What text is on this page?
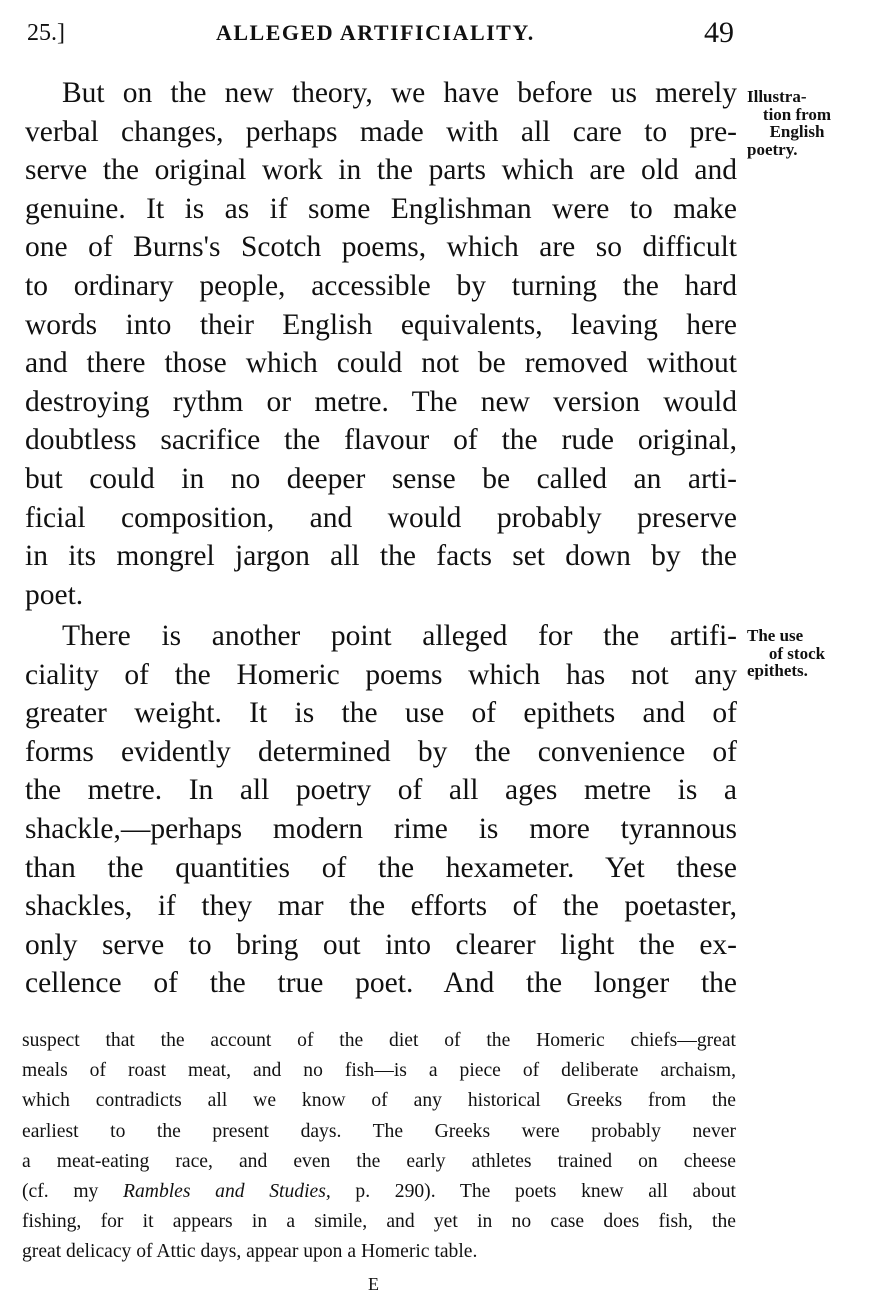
25.]	ALLEGED ARTIFICIALITY.	49
But on the new theory, we have before us merely
verbal changes, perhaps made with all care to pre-
serve the original work in the parts which are old and
genuine. It is as if some Englishman were to make
one of Burns's Scotch poems, which are so difficult
to ordinary people, accessible by turning the hard
words into their English equivalents, leaving here
and there those which could not be removed without
destroying rythm or metre. The new version would
doubtless sacrifice the flavour of the rude original,
but could in no deeper sense be called an arti-
ficial composition, and would probably preserve
in its mongrel jargon all the facts set down by the
poet.
Illustra-
tion from
English
poetry.
There is another point alleged for the artifi-
ciality of the Homeric poems which has not any
greater weight. It is the use of epithets and of
forms evidently determined by the convenience of
the metre. In all poetry of all ages metre is a
shackle,—perhaps modern rime is more tyrannous
than the quantities of the hexameter. Yet these
shackles, if they mar the efforts of the poetaster,
only serve to bring out into clearer light the ex-
cellence of the true poet. And the longer the
The use
of stock
epithets.
suspect that the account of the diet of the Homeric chiefs—great
meals of roast meat, and no fish—is a piece of deliberate archaism,
which contradicts all we know of any historical Greeks from the
earliest to the present days. The Greeks were probably never
a meat-eating race, and even the early athletes trained on cheese
(cf. my Rambles and Studies, p. 290). The poets knew all about
fishing, for it appears in a simile, and yet in no case does fish, the
great delicacy of Attic days, appear upon a Homeric table.
E
